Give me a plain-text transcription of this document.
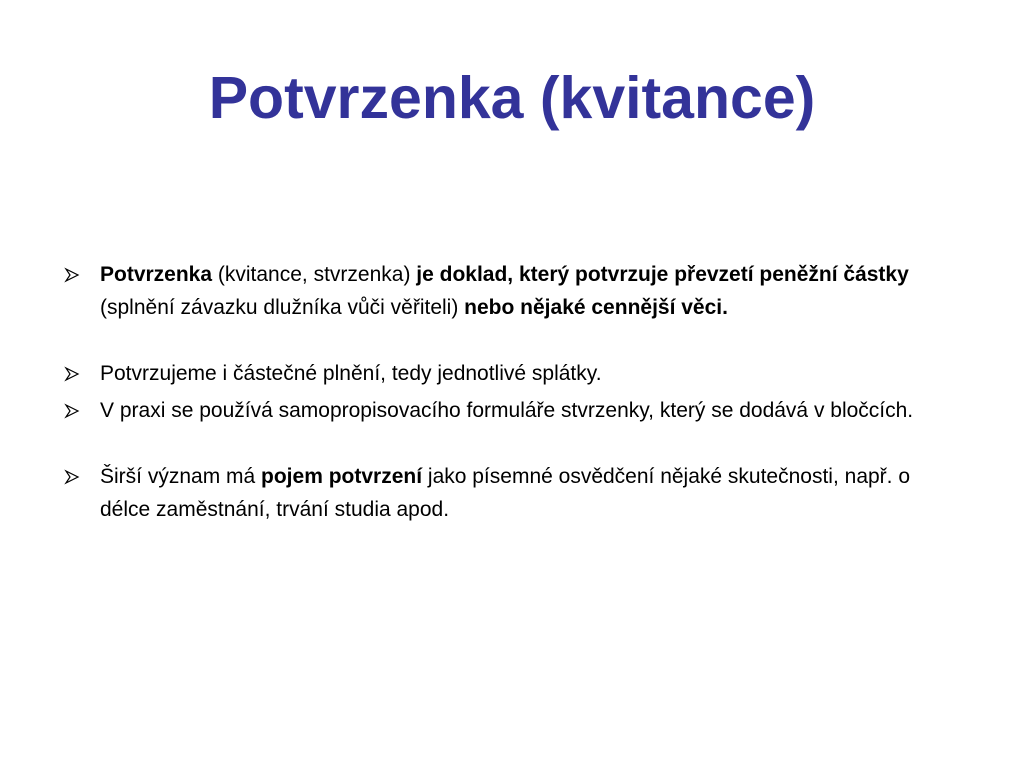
Potvrzenka (kvitance)
Potvrzenka (kvitance, stvrzenka) je doklad, který potvrzuje převzetí peněžní částky (splnění závazku dlužníka vůči věřiteli) nebo nějaké cennější věci.
Potvrzujeme i částečné plnění, tedy jednotlivé splátky.
V praxi se používá samopropisovacího formuláře stvrzenky, který se dodává v bločcích.
Širší význam má pojem potvrzení jako písemné osvědčení nějaké skutečnosti, např. o délce zaměstnání, trvání studia apod.
